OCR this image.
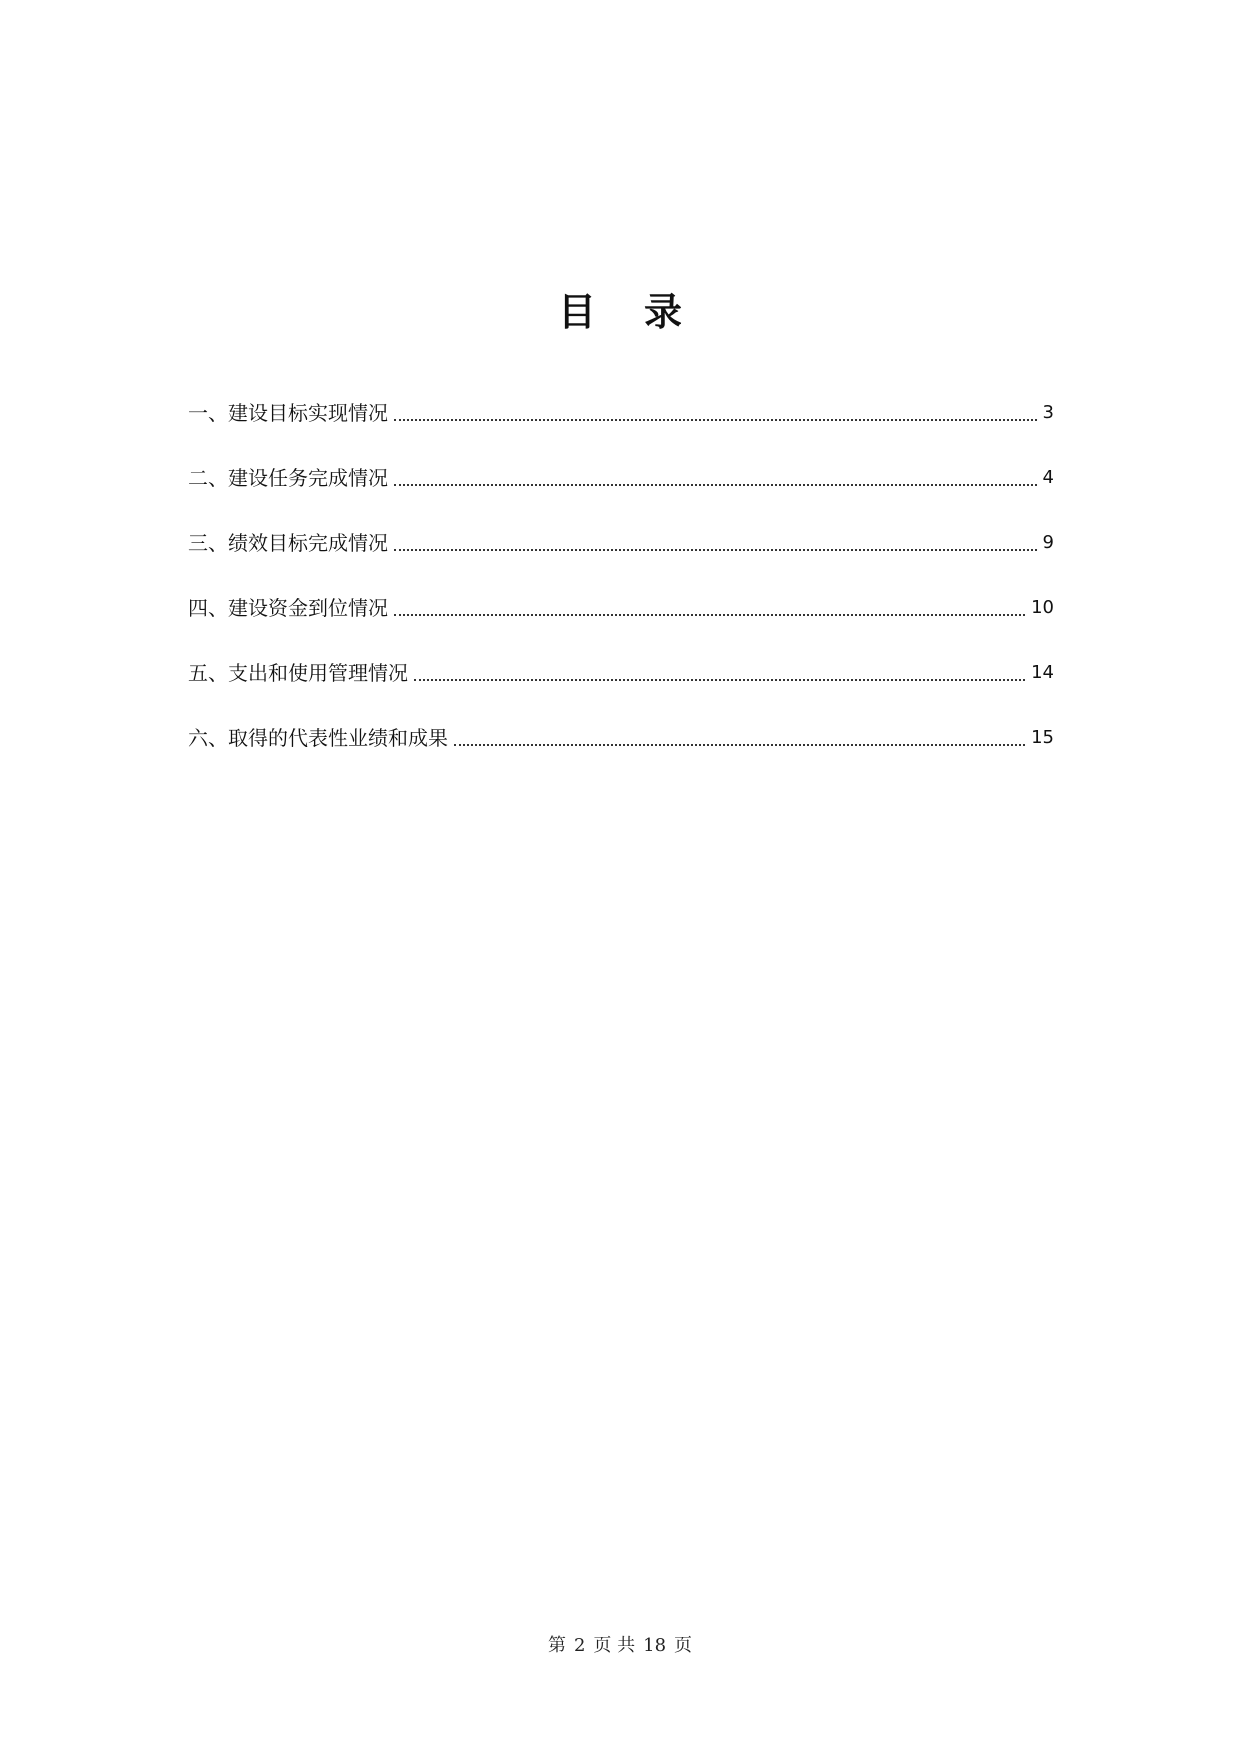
目录
一、建设目标实现情况	3
二、建设任务完成情况	4
三、绩效目标完成情况	9
四、建设资金到位情况	10
五、支出和使用管理情况	14
六、取得的代表性业绩和成果	15
第 2 页 共 18 页
